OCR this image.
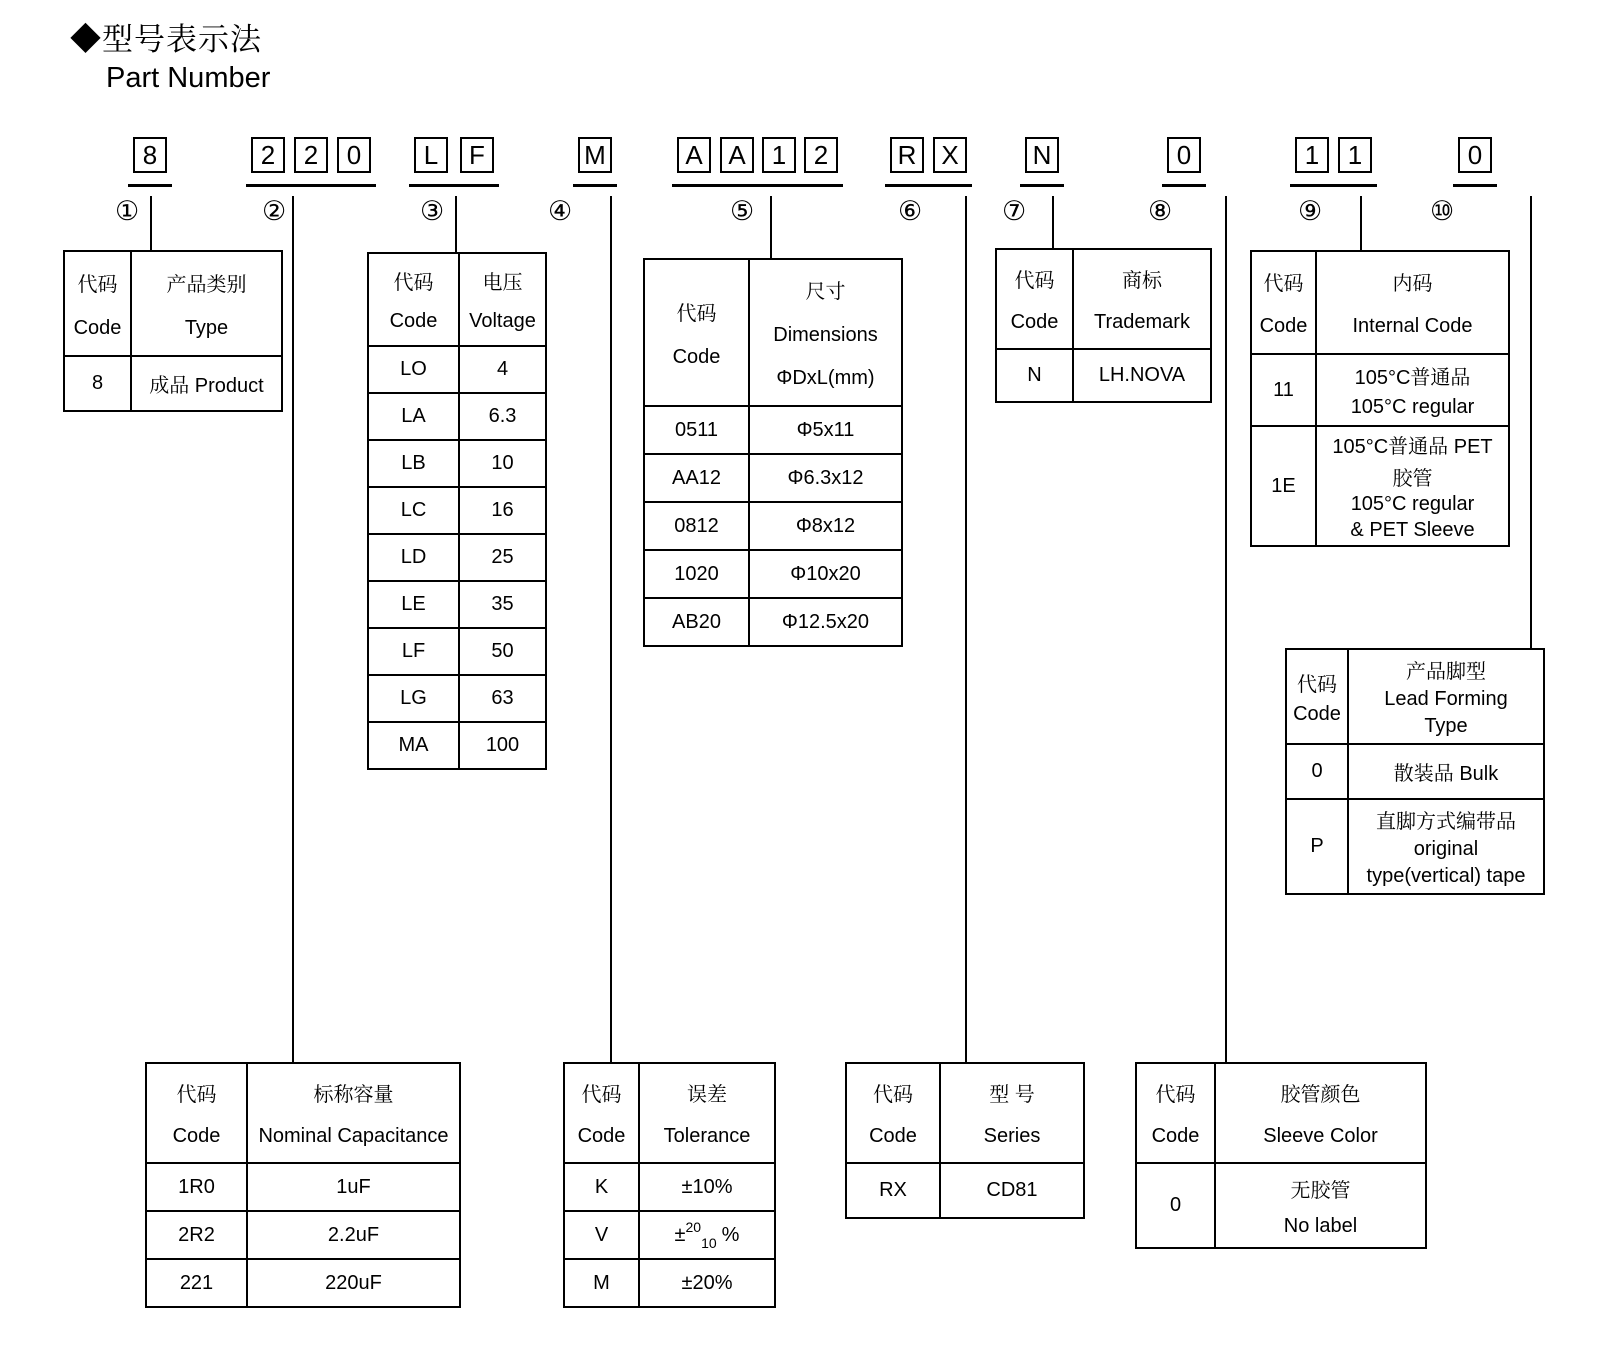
◆型号表示法
Part Number
8	2	2	0	L	F	M	A A	1	2	R X	N	0	1	1	0
①	②	③	④	⑤	⑥	⑦	⑧	⑨	⑩
代码
Code	产品类别
Type

8	成品 Product
代码
Code	电压
Voltage

LO	4
LA	6.3
LB	10
LC	16
LD	25
LE	35
LF	50
LG	63
MA	100
代码
Code	尺寸
Dimensions
ΦDxL(mm)

0511	Φ5x11
AA12	Φ6.3x12
0812	Φ8x12
1020	Φ10x20
AB20	Φ12.5x20
代码
Code	商标
Trademark

N	LH.NOVA
代码
Code	内码
Internal Code

11	105°C普通品
105°C regular

1E	105°C普通品 PET
胶管
105°C regular
& PET Sleeve
代码
Code	产品脚型
Lead Forming
Type

0	散装品 Bulk
P	直脚方式编带品
original
type(vertical) tape
代码
Code	标称容量
Nominal Capacitance

1R0	1uF
2R2	2.2uF
221	220uF
代码
Code	误差
Tolerance

K	±10%
V	±$^{20}_{10}$ %
M	±20%
代码
Code	型 号
Series

RX	CD81
代码
Code	胶管颜色
Sleeve Color

0	无胶管
No label
